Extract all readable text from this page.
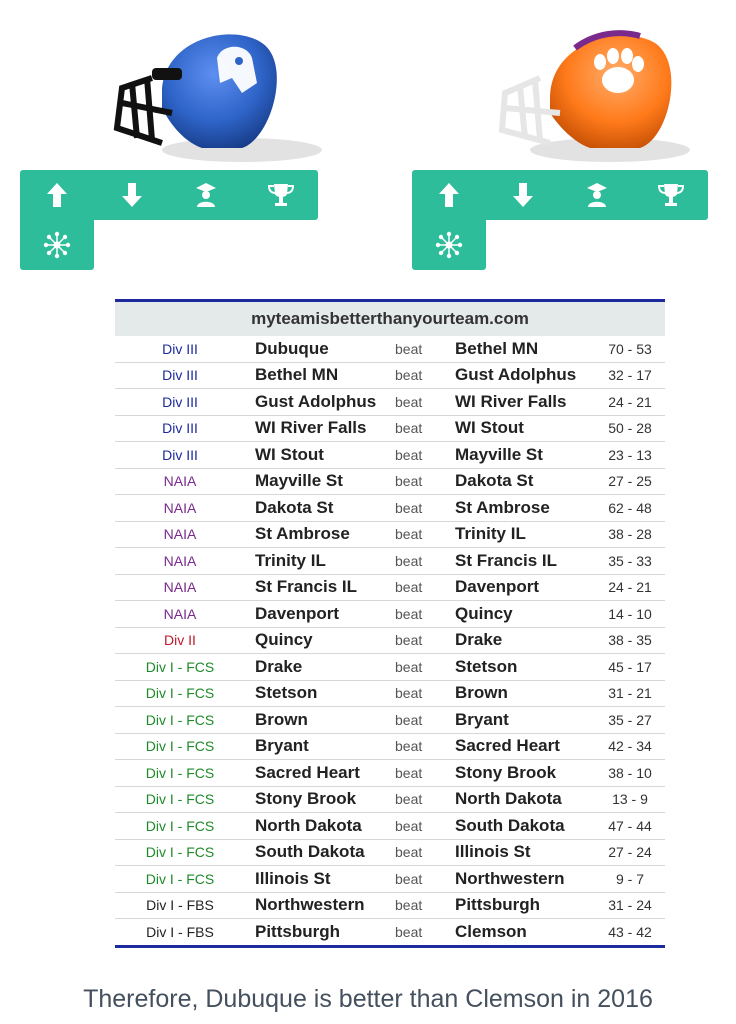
myteamisbetterthanyourteam.com
Div III	Dubuque	beat	Bethel MN	70 - 53
Div III	Bethel MN	beat	Gust Adolphus	32 - 17
Div III	Gust Adolphus	beat	WI River Falls	24 - 21
Div III	WI River Falls	beat	WI Stout	50 - 28
Div III	WI Stout	beat	Mayville St	23 - 13
NAIA	Mayville St	beat	Dakota St	27 - 25
NAIA	Dakota St	beat	St Ambrose	62 - 48
NAIA	St Ambrose	beat	Trinity IL	38 - 28
NAIA	Trinity IL	beat	St Francis IL	35 - 33
NAIA	St Francis IL	beat	Davenport	24 - 21
NAIA	Davenport	beat	Quincy	14 - 10
Div II	Quincy	beat	Drake	38 - 35
Div I - FCS	Drake	beat	Stetson	45 - 17
Div I - FCS	Stetson	beat	Brown	31 - 21
Div I - FCS	Brown	beat	Bryant	35 - 27
Div I - FCS	Bryant	beat	Sacred Heart	42 - 34
Div I - FCS	Sacred Heart	beat	Stony Brook	38 - 10
Div I - FCS	Stony Brook	beat	North Dakota	13 - 9
Div I - FCS	North Dakota	beat	South Dakota	47 - 44
Div I - FCS	South Dakota	beat	Illinois St	27 - 24
Div I - FCS	Illinois St	beat	Northwestern	9 - 7
Div I - FBS	Northwestern	beat	Pittsburgh	31 - 24
Div I - FBS	Pittsburgh	beat	Clemson	43 - 42
Therefore, Dubuque is better than Clemson in 2016
